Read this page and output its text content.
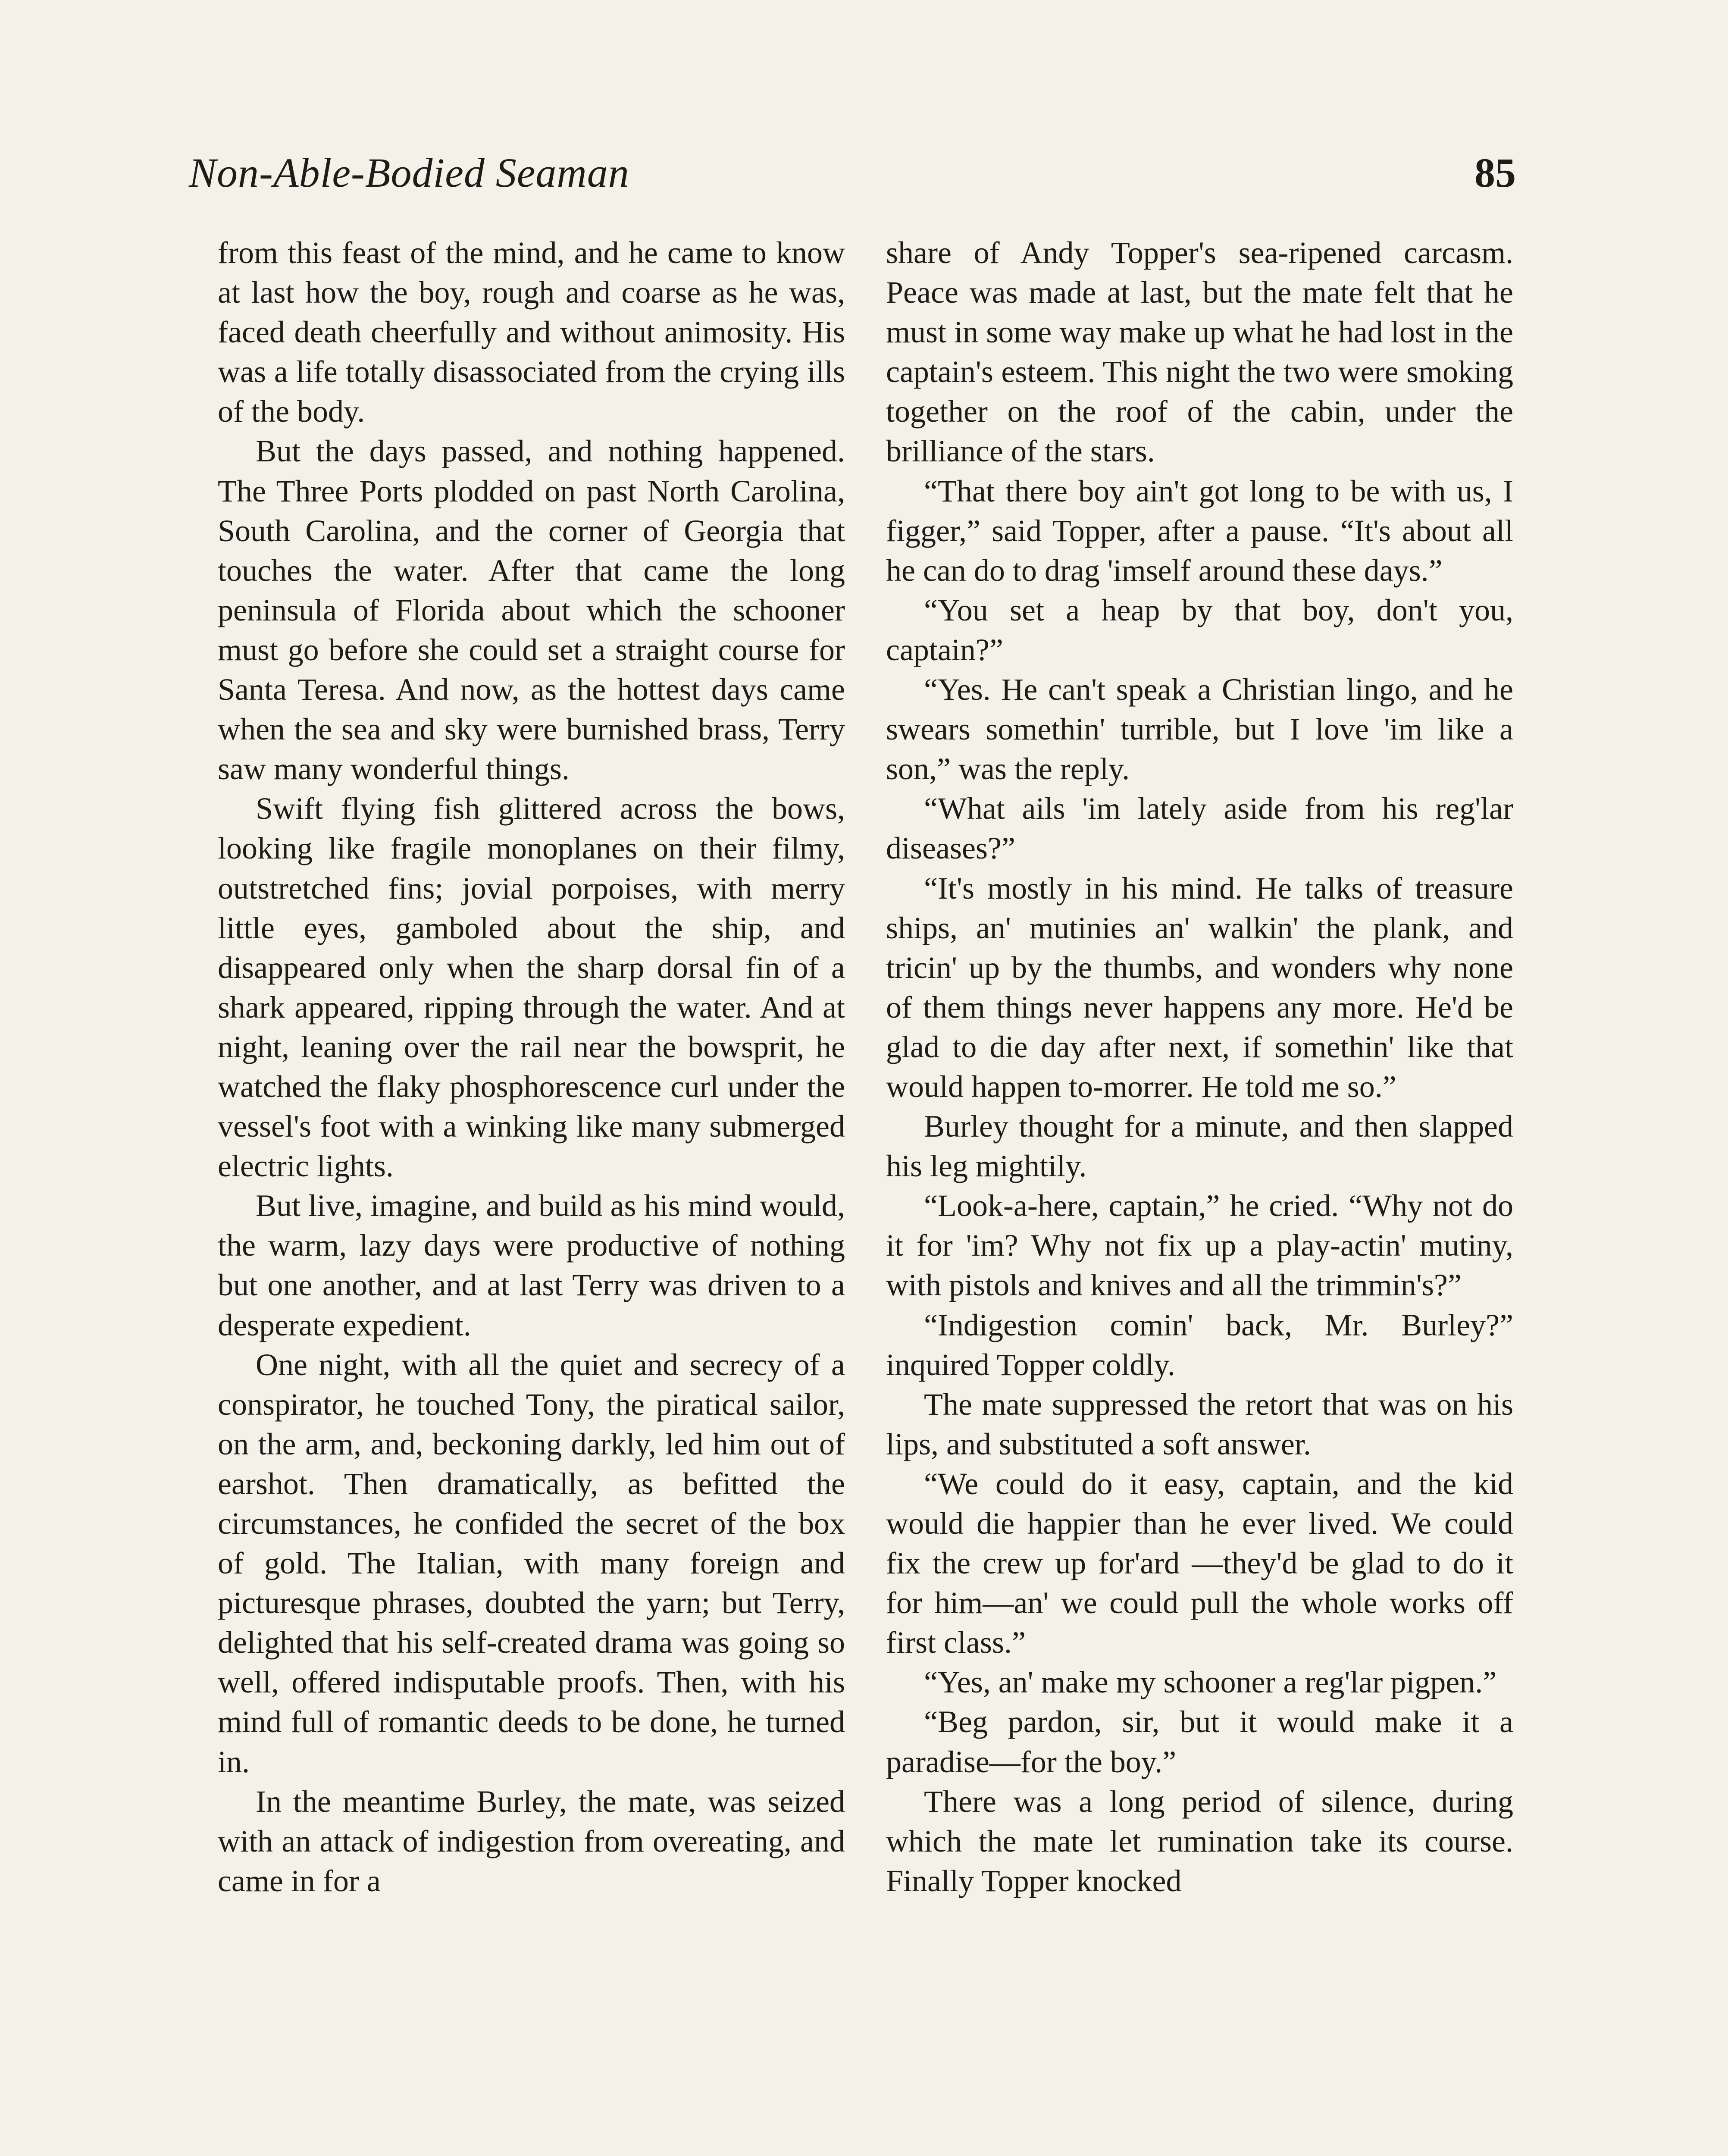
Non-Able-Bodied Seaman	85

from this feast of the mind, and he came to know at last how the boy, rough and coarse as he was, faced death cheerfully and without animosity. His was a life totally disassociated from the crying ills of the body.

But the days passed, and nothing happened. The Three Ports plodded on past North Carolina, South Carolina, and the corner of Georgia that touches the water. After that came the long peninsula of Florida about which the schooner must go before she could set a straight course for Santa Teresa. And now, as the hottest days came when the sea and sky were burnished brass, Terry saw many wonderful things.

Swift flying fish glittered across the bows, looking like fragile monoplanes on their filmy, outstretched fins; jovial porpoises, with merry little eyes, gamboled about the ship, and disappeared only when the sharp dorsal fin of a shark appeared, ripping through the water. And at night, leaning over the rail near the bowsprit, he watched the flaky phosphorescence curl under the vessel's foot with a winking like many submerged electric lights.

But live, imagine, and build as his mind would, the warm, lazy days were productive of nothing but one another, and at last Terry was driven to a desperate expedient.

One night, with all the quiet and secrecy of a conspirator, he touched Tony, the piratical sailor, on the arm, and, beckoning darkly, led him out of earshot. Then dramatically, as befitted the circumstances, he confided the secret of the box of gold. The Italian, with many foreign and picturesque phrases, doubted the yarn; but Terry, delighted that his self-created drama was going so well, offered indisputable proofs. Then, with his mind full of romantic deeds to be done, he turned in.

In the meantime Burley, the mate, was seized with an attack of indigestion from overeating, and came in for a

share of Andy Topper's sea-ripened carcasm. Peace was made at last, but the mate felt that he must in some way make up what he had lost in the captain's esteem. This night the two were smoking together on the roof of the cabin, under the brilliance of the stars.

“That there boy ain't got long to be with us, I figger,” said Topper, after a pause. “It's about all he can do to drag 'imself around these days.”

“You set a heap by that boy, don't you, captain?”

“Yes. He can't speak a Christian lingo, and he swears somethin' turrible, but I love 'im like a son,” was the reply.

“What ails 'im lately aside from his reg'lar diseases?”

“It's mostly in his mind. He talks of treasure ships, an' mutinies an' walkin' the plank, and tricin' up by the thumbs, and wonders why none of them things never happens any more. He'd be glad to die day after next, if somethin' like that would happen to-morrer. He told me so.”

Burley thought for a minute, and then slapped his leg mightily.

“Look-a-here, captain,” he cried. “Why not do it for 'im? Why not fix up a play-actin' mutiny, with pistols and knives and all the trimmin's?”

“Indigestion comin' back, Mr. Burley?” inquired Topper coldly.

The mate suppressed the retort that was on his lips, and substituted a soft answer.

“We could do it easy, captain, and the kid would die happier than he ever lived. We could fix the crew up for'ard —they'd be glad to do it for him—an' we could pull the whole works off first class.”

“Yes, an' make my schooner a reg'lar pigpen.”

“Beg pardon, sir, but it would make it a paradise—for the boy.”

There was a long period of silence, during which the mate let rumination take its course. Finally Topper knocked
